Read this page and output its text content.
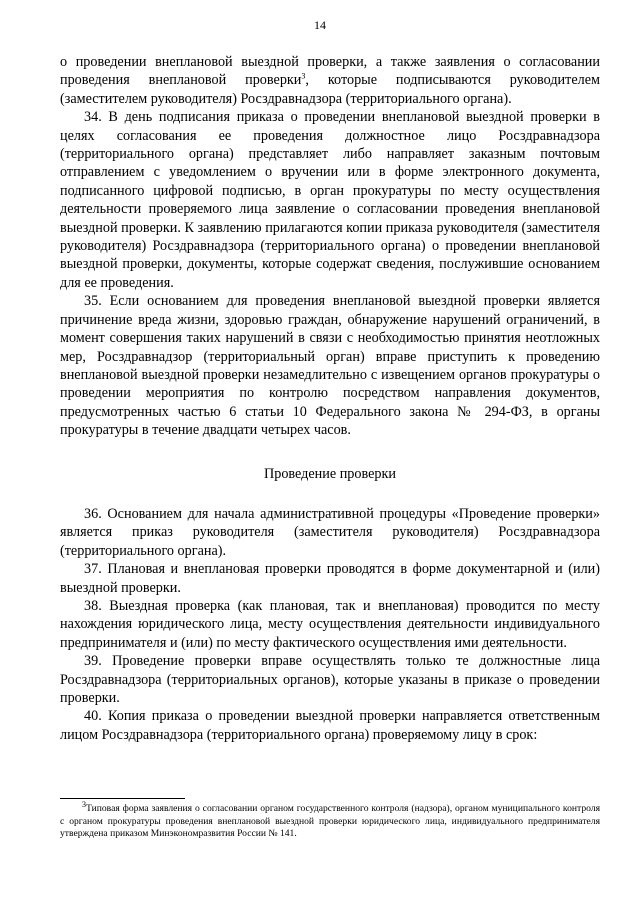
14

о проведении внеплановой выездной проверки, а также заявления о согласовании проведения внеплановой проверки$^3$, которые подписываются руководителем (заместителем руководителя) Росздравнадзора (территориального органа).

34. В день подписания приказа о проведении внеплановой выездной проверки в целях согласования ее проведения должностное лицо Росздравнадзора (территориального органа) представляет либо направляет заказным почтовым отправлением с уведомлением о вручении или в форме электронного документа, подписанного цифровой подписью, в орган прокуратуры по месту осуществления деятельности проверяемого лица заявление о согласовании проведения внеплановой выездной проверки. К заявлению прилагаются копии приказа руководителя (заместителя руководителя) Росздравнадзора (территориального органа) о проведении внеплановой выездной проверки, документы, которые содержат сведения, послужившие основанием для ее проведения.

35. Если основанием для проведения внеплановой выездной проверки является причинение вреда жизни, здоровью граждан, обнаружение нарушений ограничений, в момент совершения таких нарушений в связи с необходимостью принятия неотложных мер, Росздравнадзор (территориальный орган) вправе приступить к проведению внеплановой выездной проверки незамедлительно с извещением органов прокуратуры о проведении мероприятия по контролю посредством направления документов, предусмотренных частью 6 статьи 10 Федерального закона № 294-ФЗ, в органы прокуратуры в течение двадцати четырех часов.

Проведение проверки

36. Основанием для начала административной процедуры «Проведение проверки» является приказ руководителя (заместителя руководителя) Росздравнадзора (территориального органа).

37. Плановая и внеплановая проверки проводятся в форме документарной и (или) выездной проверки.

38. Выездная проверка (как плановая, так и внеплановая) проводится по месту нахождения юридического лица, месту осуществления деятельности индивидуального предпринимателя и (или) по месту фактического осуществления ими деятельности.

39. Проведение проверки вправе осуществлять только те должностные лица Росздравнадзора (территориальных органов), которые указаны в приказе о проведении проверки.

40. Копия приказа о проведении выездной проверки направляется ответственным лицом Росздравнадзора (территориального органа) проверяемому лицу в срок:

$^3$Типовая форма заявления о согласовании органом государственного контроля (надзора), органом муниципального контроля с органом прокуратуры проведения внеплановой выездной проверки юридического лица, индивидуального предпринимателя утверждена приказом Минэкономразвития России № 141.
